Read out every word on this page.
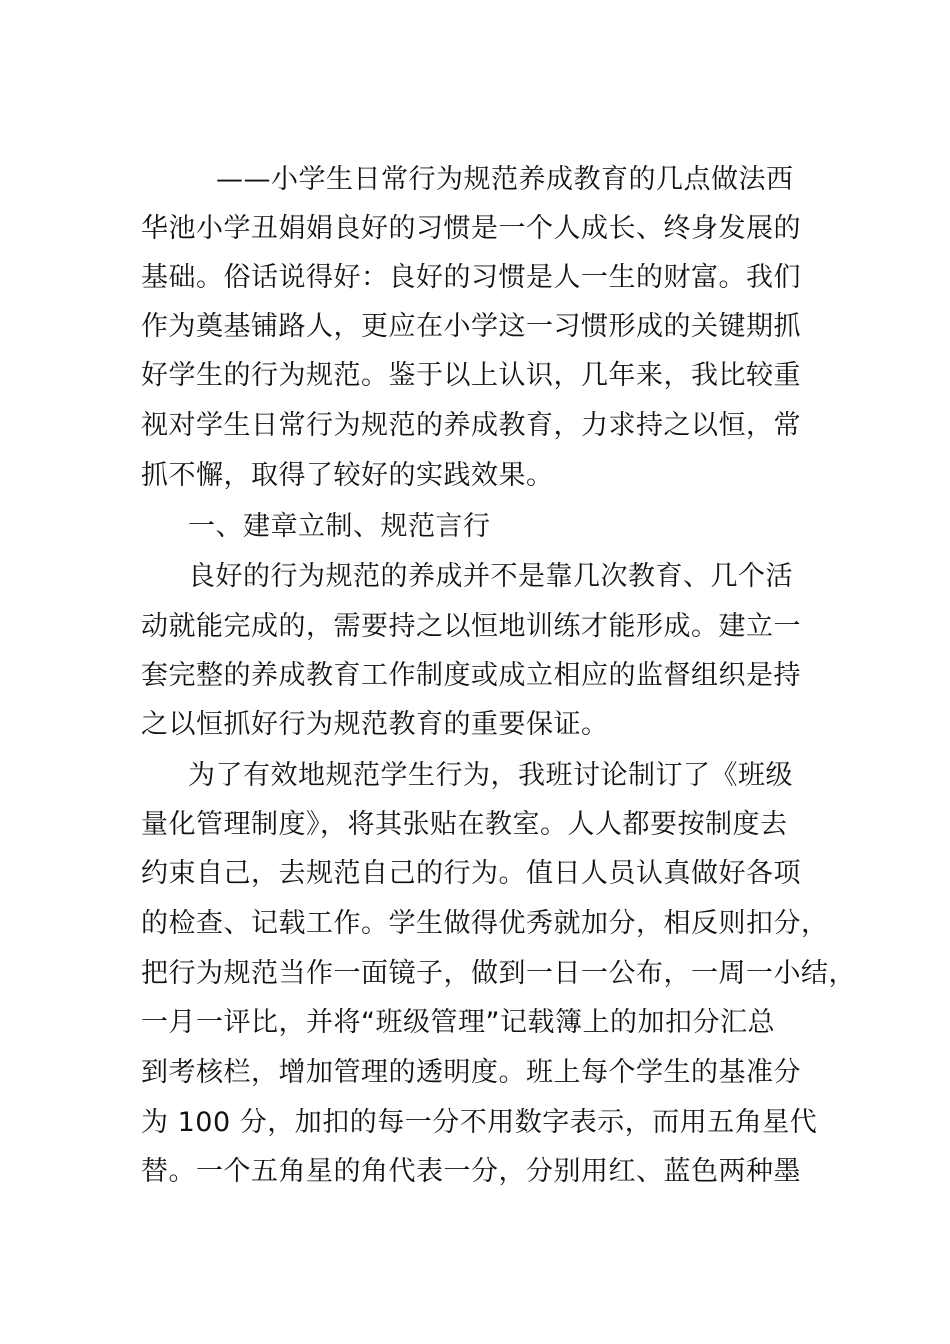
——小学生日常行为规范养成教育的几点做法西
华池小学丑娟娟良好的习惯是一个人成长、终身发展的
基础。俗话说得好：良好的习惯是人一生的财富。我们
作为奠基铺路人，更应在小学这一习惯形成的关键期抓
好学生的行为规范。鉴于以上认识，几年来，我比较重
视对学生日常行为规范的养成教育，力求持之以恒，常
抓不懈，取得了较好的实践效果。
一、建章立制、规范言行
良好的行为规范的养成并不是靠几次教育、几个活
动就能完成的，需要持之以恒地训练才能形成。建立一
套完整的养成教育工作制度或成立相应的监督组织是持
之以恒抓好行为规范教育的重要保证。
为了有效地规范学生行为，我班讨论制订了《班级
量化管理制度》，将其张贴在教室。人人都要按制度去
约束自己，去规范自己的行为。值日人员认真做好各项
的检查、记载工作。学生做得优秀就加分，相反则扣分，
把行为规范当作一面镜子，做到一日一公布，一周一小结，
一月一评比，并将“班级管理”记载簿上的加扣分汇总
到考核栏，增加管理的透明度。班上每个学生的基准分
为 100 分，加扣的每一分不用数字表示，而用五角星代
替。一个五角星的角代表一分，分别用红、蓝色两种墨
